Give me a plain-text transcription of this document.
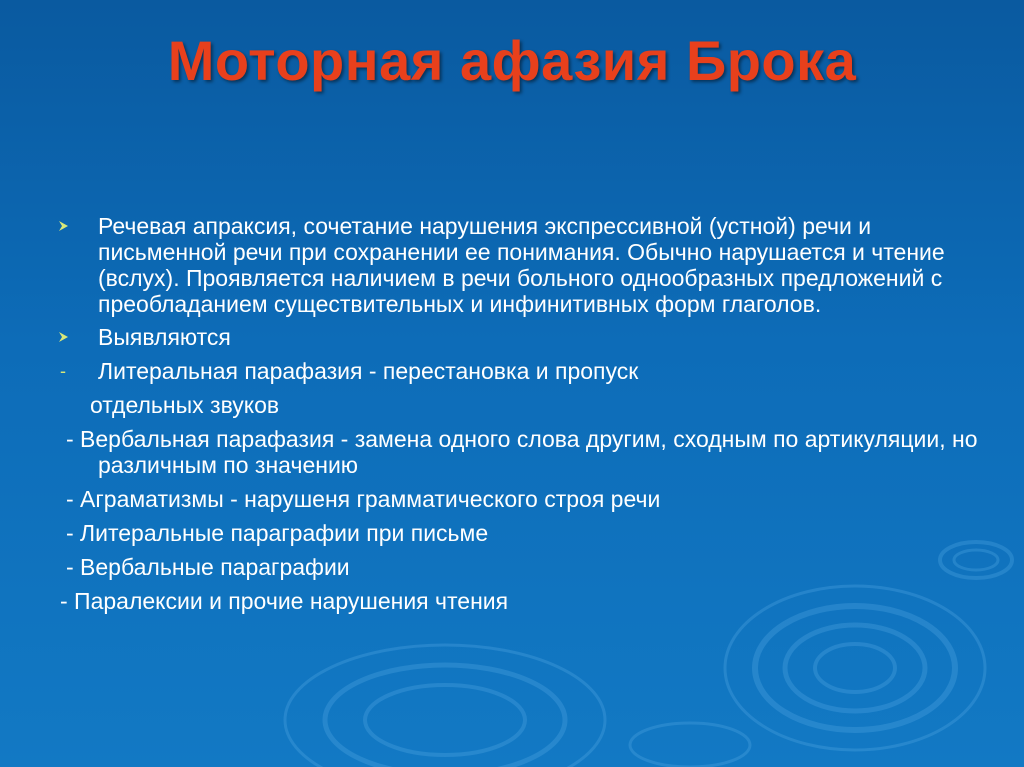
Моторная афазия Брока
Речевая апраксия, сочетание нарушения экспрессивной (устной) речи и письменной речи при сохранении ее понимания. Обычно нарушается и чтение (вслух). Проявляется наличием в речи больного однообразных предложений с преобладанием существительных и инфинитивных форм глаголов.
Выявляются
- Литеральная парафазия - перестановка и пропуск
отдельных звуков
- Вербальная парафазия - замена одного слова другим, сходным по артикуляции, но различным по значению
- Аграматизмы - нарушеня грамматического строя речи
- Литеральные параграфии при письме
- Вербальные параграфии
- Паралексии и прочие нарушения чтения
